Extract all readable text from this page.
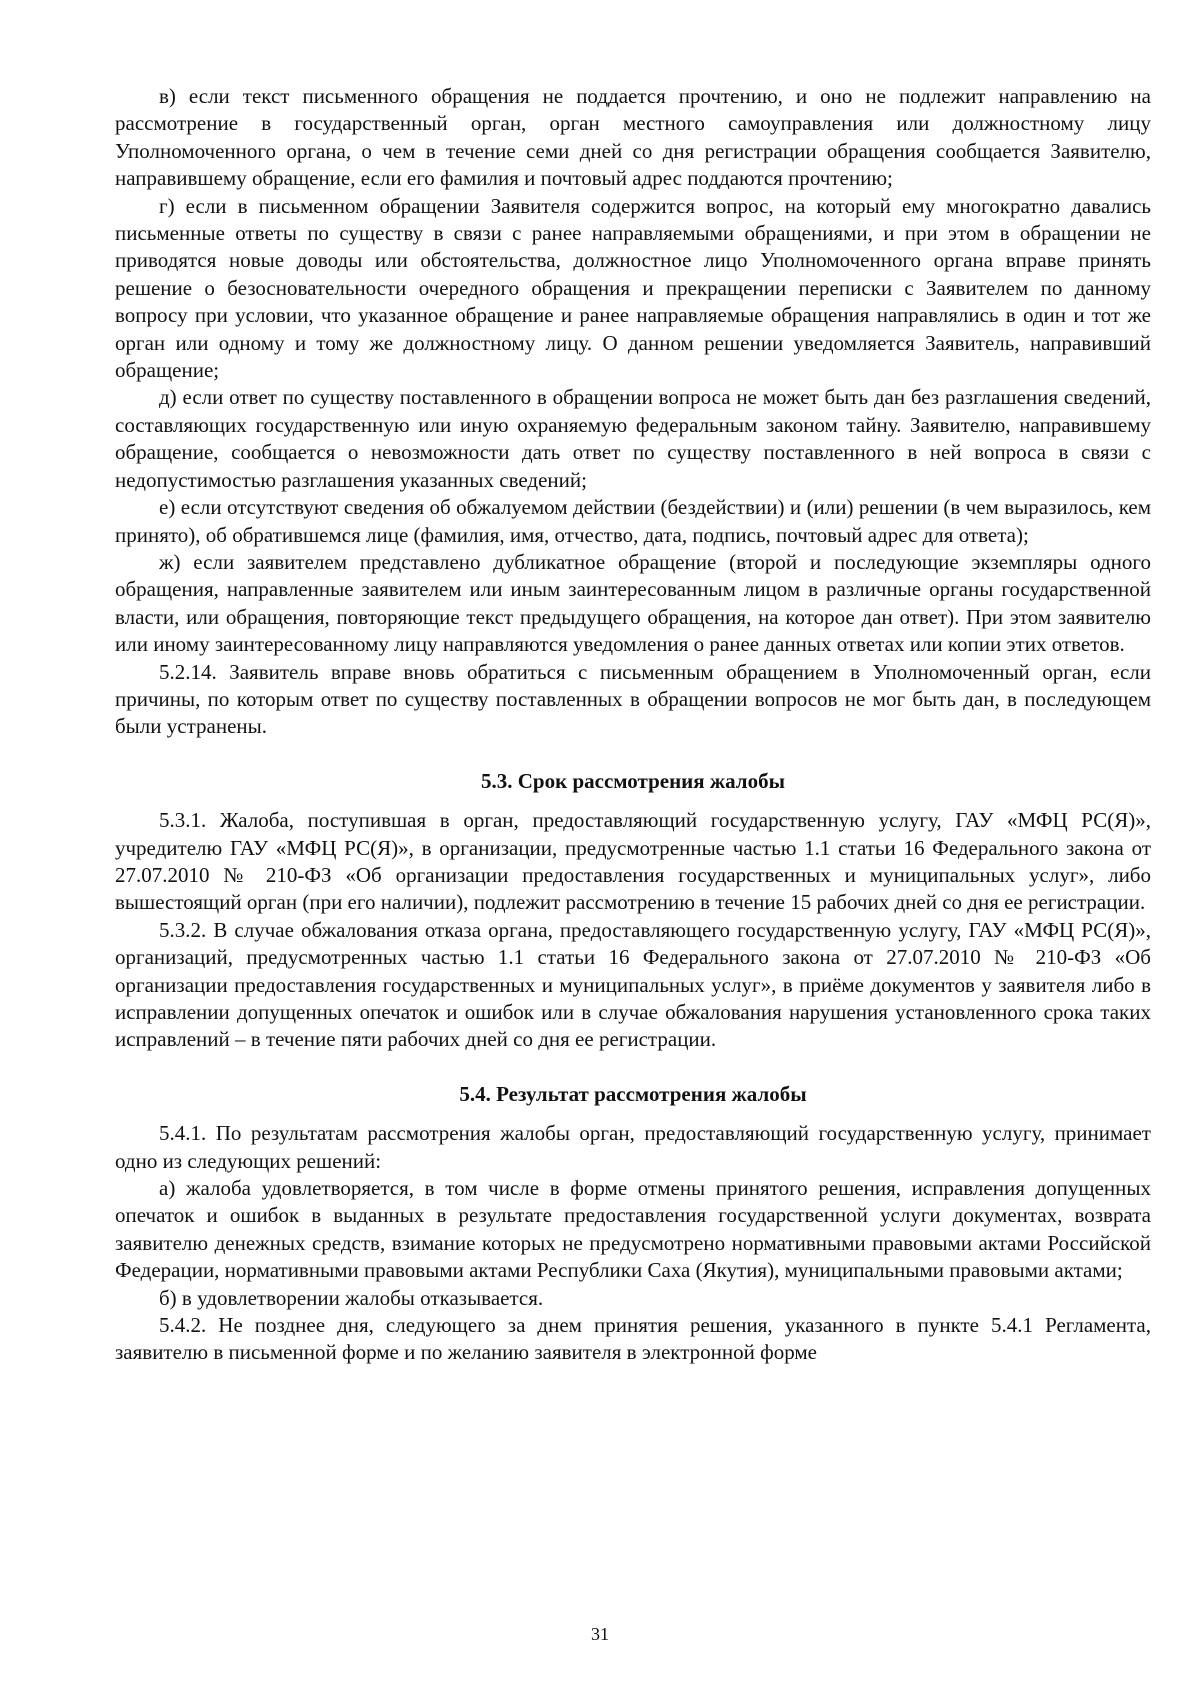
в) если текст письменного обращения не поддается прочтению, и оно не подлежит направлению на рассмотрение в государственный орган, орган местного самоуправления или должностному лицу Уполномоченного органа, о чем в течение семи дней со дня регистрации обращения сообщается Заявителю, направившему обращение, если его фамилия и почтовый адрес поддаются прочтению;

г) если в письменном обращении Заявителя содержится вопрос, на который ему многократно давались письменные ответы по существу в связи с ранее направляемыми обращениями, и при этом в обращении не приводятся новые доводы или обстоятельства, должностное лицо Уполномоченного органа вправе принять решение о безосновательности очередного обращения и прекращении переписки с Заявителем по данному вопросу при условии, что указанное обращение и ранее направляемые обращения направлялись в один и тот же орган или одному и тому же должностному лицу. О данном решении уведомляется Заявитель, направивший обращение;

д) если ответ по существу поставленного в обращении вопроса не может быть дан без разглашения сведений, составляющих государственную или иную охраняемую федеральным законом тайну. Заявителю, направившему обращение, сообщается о невозможности дать ответ по существу поставленного в ней вопроса в связи с недопустимостью разглашения указанных сведений;

е) если отсутствуют сведения об обжалуемом действии (бездействии) и (или) решении (в чем выразилось, кем принято), об обратившемся лице (фамилия, имя, отчество, дата, подпись, почтовый адрес для ответа);

ж) если заявителем представлено дубликатное обращение (второй и последующие экземпляры одного обращения, направленные заявителем или иным заинтересованным лицом в различные органы государственной власти, или обращения, повторяющие текст предыдущего обращения, на которое дан ответ). При этом заявителю или иному заинтересованному лицу направляются уведомления о ранее данных ответах или копии этих ответов.

5.2.14. Заявитель вправе вновь обратиться с письменным обращением в Уполномоченный орган, если причины, по которым ответ по существу поставленных в обращении вопросов не мог быть дан, в последующем были устранены.

5.3. Срок рассмотрения жалобы

5.3.1. Жалоба, поступившая в орган, предоставляющий государственную услугу, ГАУ «МФЦ РС(Я)», учредителю ГАУ «МФЦ РС(Я)», в организации, предусмотренные частью 1.1 статьи 16 Федерального закона от 27.07.2010 № 210-ФЗ «Об организации предоставления государственных и муниципальных услуг», либо вышестоящий орган (при его наличии), подлежит рассмотрению в течение 15 рабочих дней со дня ее регистрации.

5.3.2. В случае обжалования отказа органа, предоставляющего государственную услугу, ГАУ «МФЦ РС(Я)», организаций, предусмотренных частью 1.1 статьи 16 Федерального закона от 27.07.2010 № 210-ФЗ «Об организации предоставления государственных и муниципальных услуг», в приёме документов у заявителя либо в исправлении допущенных опечаток и ошибок или в случае обжалования нарушения установленного срока таких исправлений – в течение пяти рабочих дней со дня ее регистрации.

5.4. Результат рассмотрения жалобы

5.4.1. По результатам рассмотрения жалобы орган, предоставляющий государственную услугу, принимает одно из следующих решений:

а) жалоба удовлетворяется, в том числе в форме отмены принятого решения, исправления допущенных опечаток и ошибок в выданных в результате предоставления государственной услуги документах, возврата заявителю денежных средств, взимание которых не предусмотрено нормативными правовыми актами Российской Федерации, нормативными правовыми актами Республики Саха (Якутия), муниципальными правовыми актами;

б) в удовлетворении жалобы отказывается.

5.4.2. Не позднее дня, следующего за днем принятия решения, указанного в пункте 5.4.1 Регламента, заявителю в письменной форме и по желанию заявителя в электронной форме

31
